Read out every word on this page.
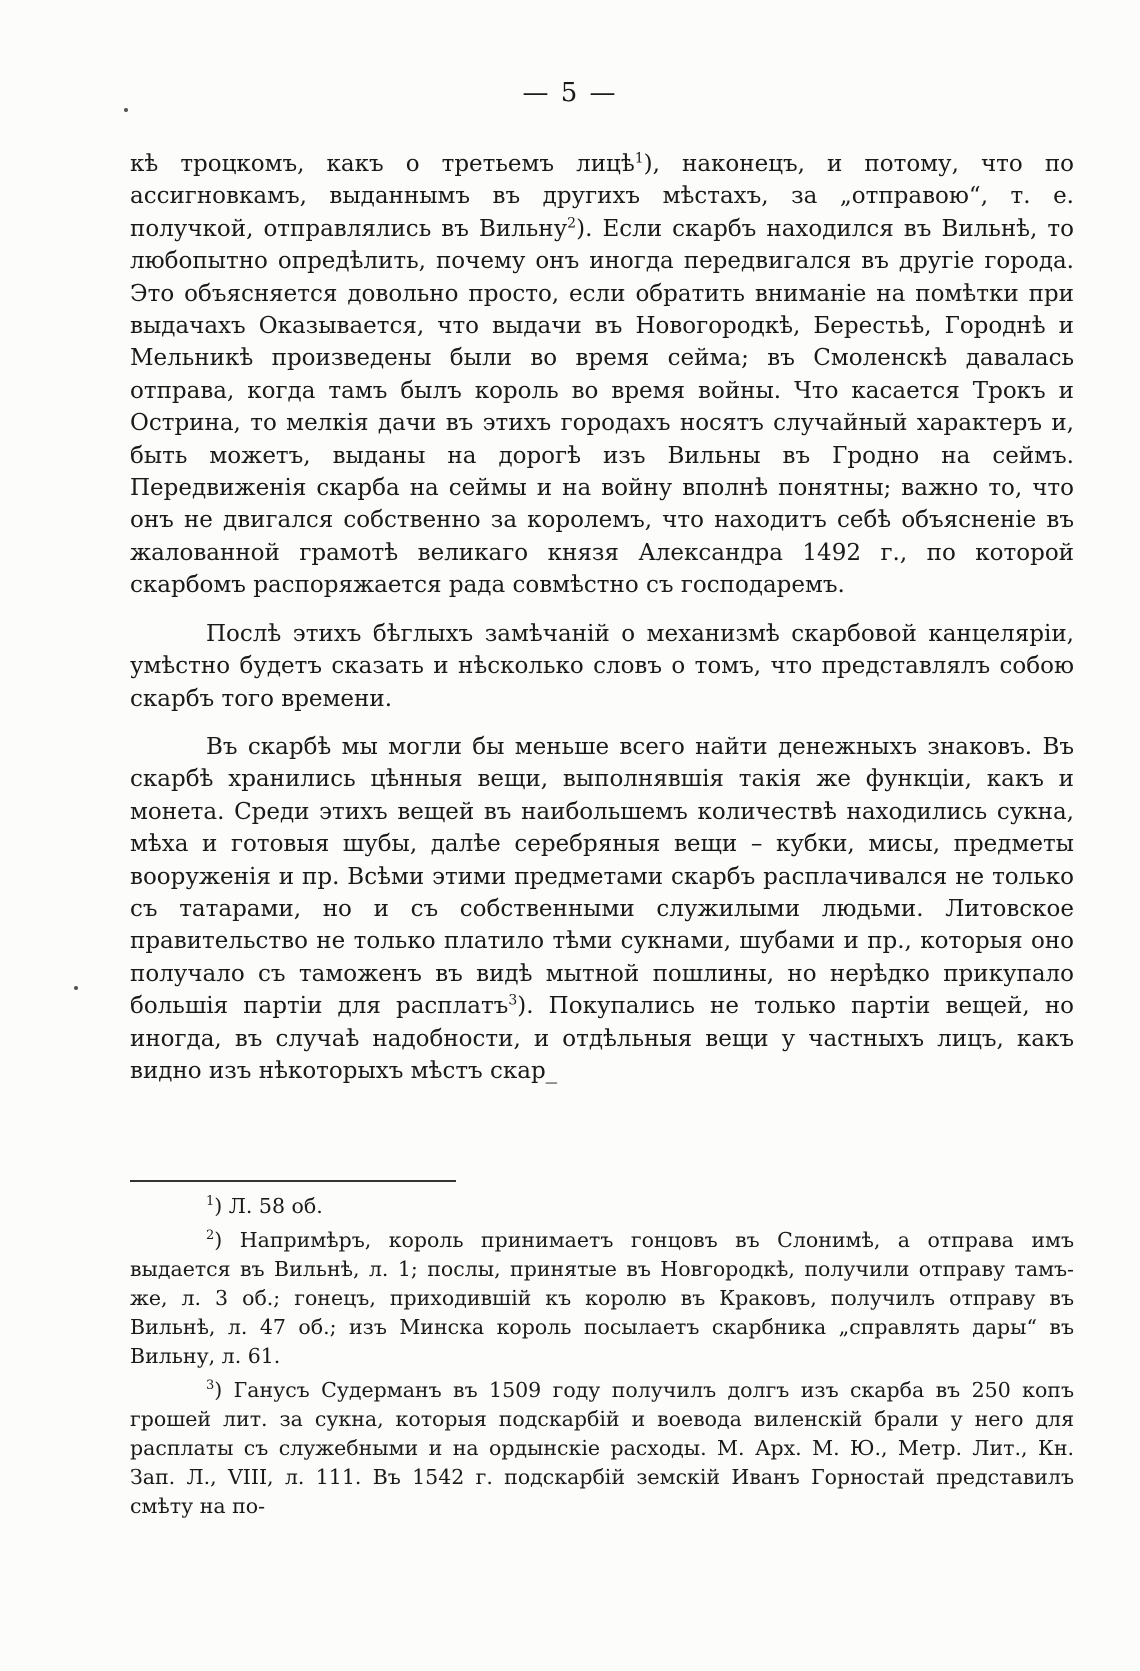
— 5 —

кѣ троцкомъ, какъ о третьемъ лицѣ$^1$), наконецъ, и потому, что по ассигновкамъ, выданнымъ въ другихъ мѣстахъ, за „отправою“, т. е. получкой, отправлялись въ Вильну$^2$). Если скарбъ находился въ Вильнѣ, то любопытно опредѣлить, почему онъ иногда передвигался въ другіе города. Это объясняется довольно просто, если обратить вниманіе на помѣтки при выдачахъ Оказывается, что выдачи въ Новогородкѣ, Берестьѣ, Городнѣ и Мельникѣ произведены были во время сейма; въ Смоленскѣ давалась отправа, когда тамъ былъ король во время войны. Что касается Трокъ и Острина, то мелкія дачи въ этихъ городахъ носятъ случайный характеръ и, быть можетъ, выданы на дорогѣ изъ Вильны въ Гродно на сеймъ. Передвиженія скарба на сеймы и на войну вполнѣ понятны; важно то, что онъ не двигался собственно за королемъ, что находитъ себѣ объясненіе въ жалованной грамотѣ великаго князя Александра 1492 г., по которой скарбомъ распоряжается рада совмѣстно съ господаремъ.

Послѣ этихъ бѣглыхъ замѣчаній о механизмѣ скарбовой канцеляріи, умѣстно будетъ сказать и нѣсколько словъ о томъ, что представлялъ собою скарбъ того времени.

Въ скарбѣ мы могли бы меньше всего найти денежныхъ знаковъ. Въ скарбѣ хранились цѣнныя вещи, выполнявшія такія же функціи, какъ и монета. Среди этихъ вещей въ наибольшемъ количествѣ находились сукна, мѣха и готовыя шубы, далѣе серебряныя вещи – кубки, мисы, предметы вооруженія и пр. Всѣми этими предметами скарбъ расплачивался не только съ татарами, но и съ собственными служилыми людьми. Литовское правительство не только платило тѣми сукнами, шубами и пр., которыя оно получало съ таможенъ въ видѣ мытной пошлины, но нерѣдко прикупало большія партіи для расплатъ$^3$). Покупались не только партіи вещей, но иногда, въ случаѣ надобности, и отдѣльныя вещи у частныхъ лицъ, какъ видно изъ нѣкоторыхъ мѣстъ скар_

$^1$) Л. 58 об.

$^2$) Напримѣръ, король принимаетъ гонцовъ въ Слонимѣ, а отправа имъ выдается въ Вильнѣ, л. 1; послы, принятые въ Новгородкѣ, получили отправу тамъ-же, л. 3 об.; гонецъ, приходившій къ королю въ Краковъ, получилъ отправу въ Вильнѣ, л. 47 об.; изъ Минска король посылаетъ скарбника „справлять дары“ въ Вильну, л. 61.

$^3$) Ганусъ Судерманъ въ 1509 году получилъ долгъ изъ скарба въ 250 копъ грошей лит. за сукна, которыя подскарбій и воевода виленскій брали у него для расплаты съ служебными и на ордынскіе расходы. М. Арх. М. Ю., Метр. Лит., Кн. Зап. Л., VIII, л. 111. Въ 1542 г. подскарбій земскій Иванъ Горностай представилъ смѣту на по-
